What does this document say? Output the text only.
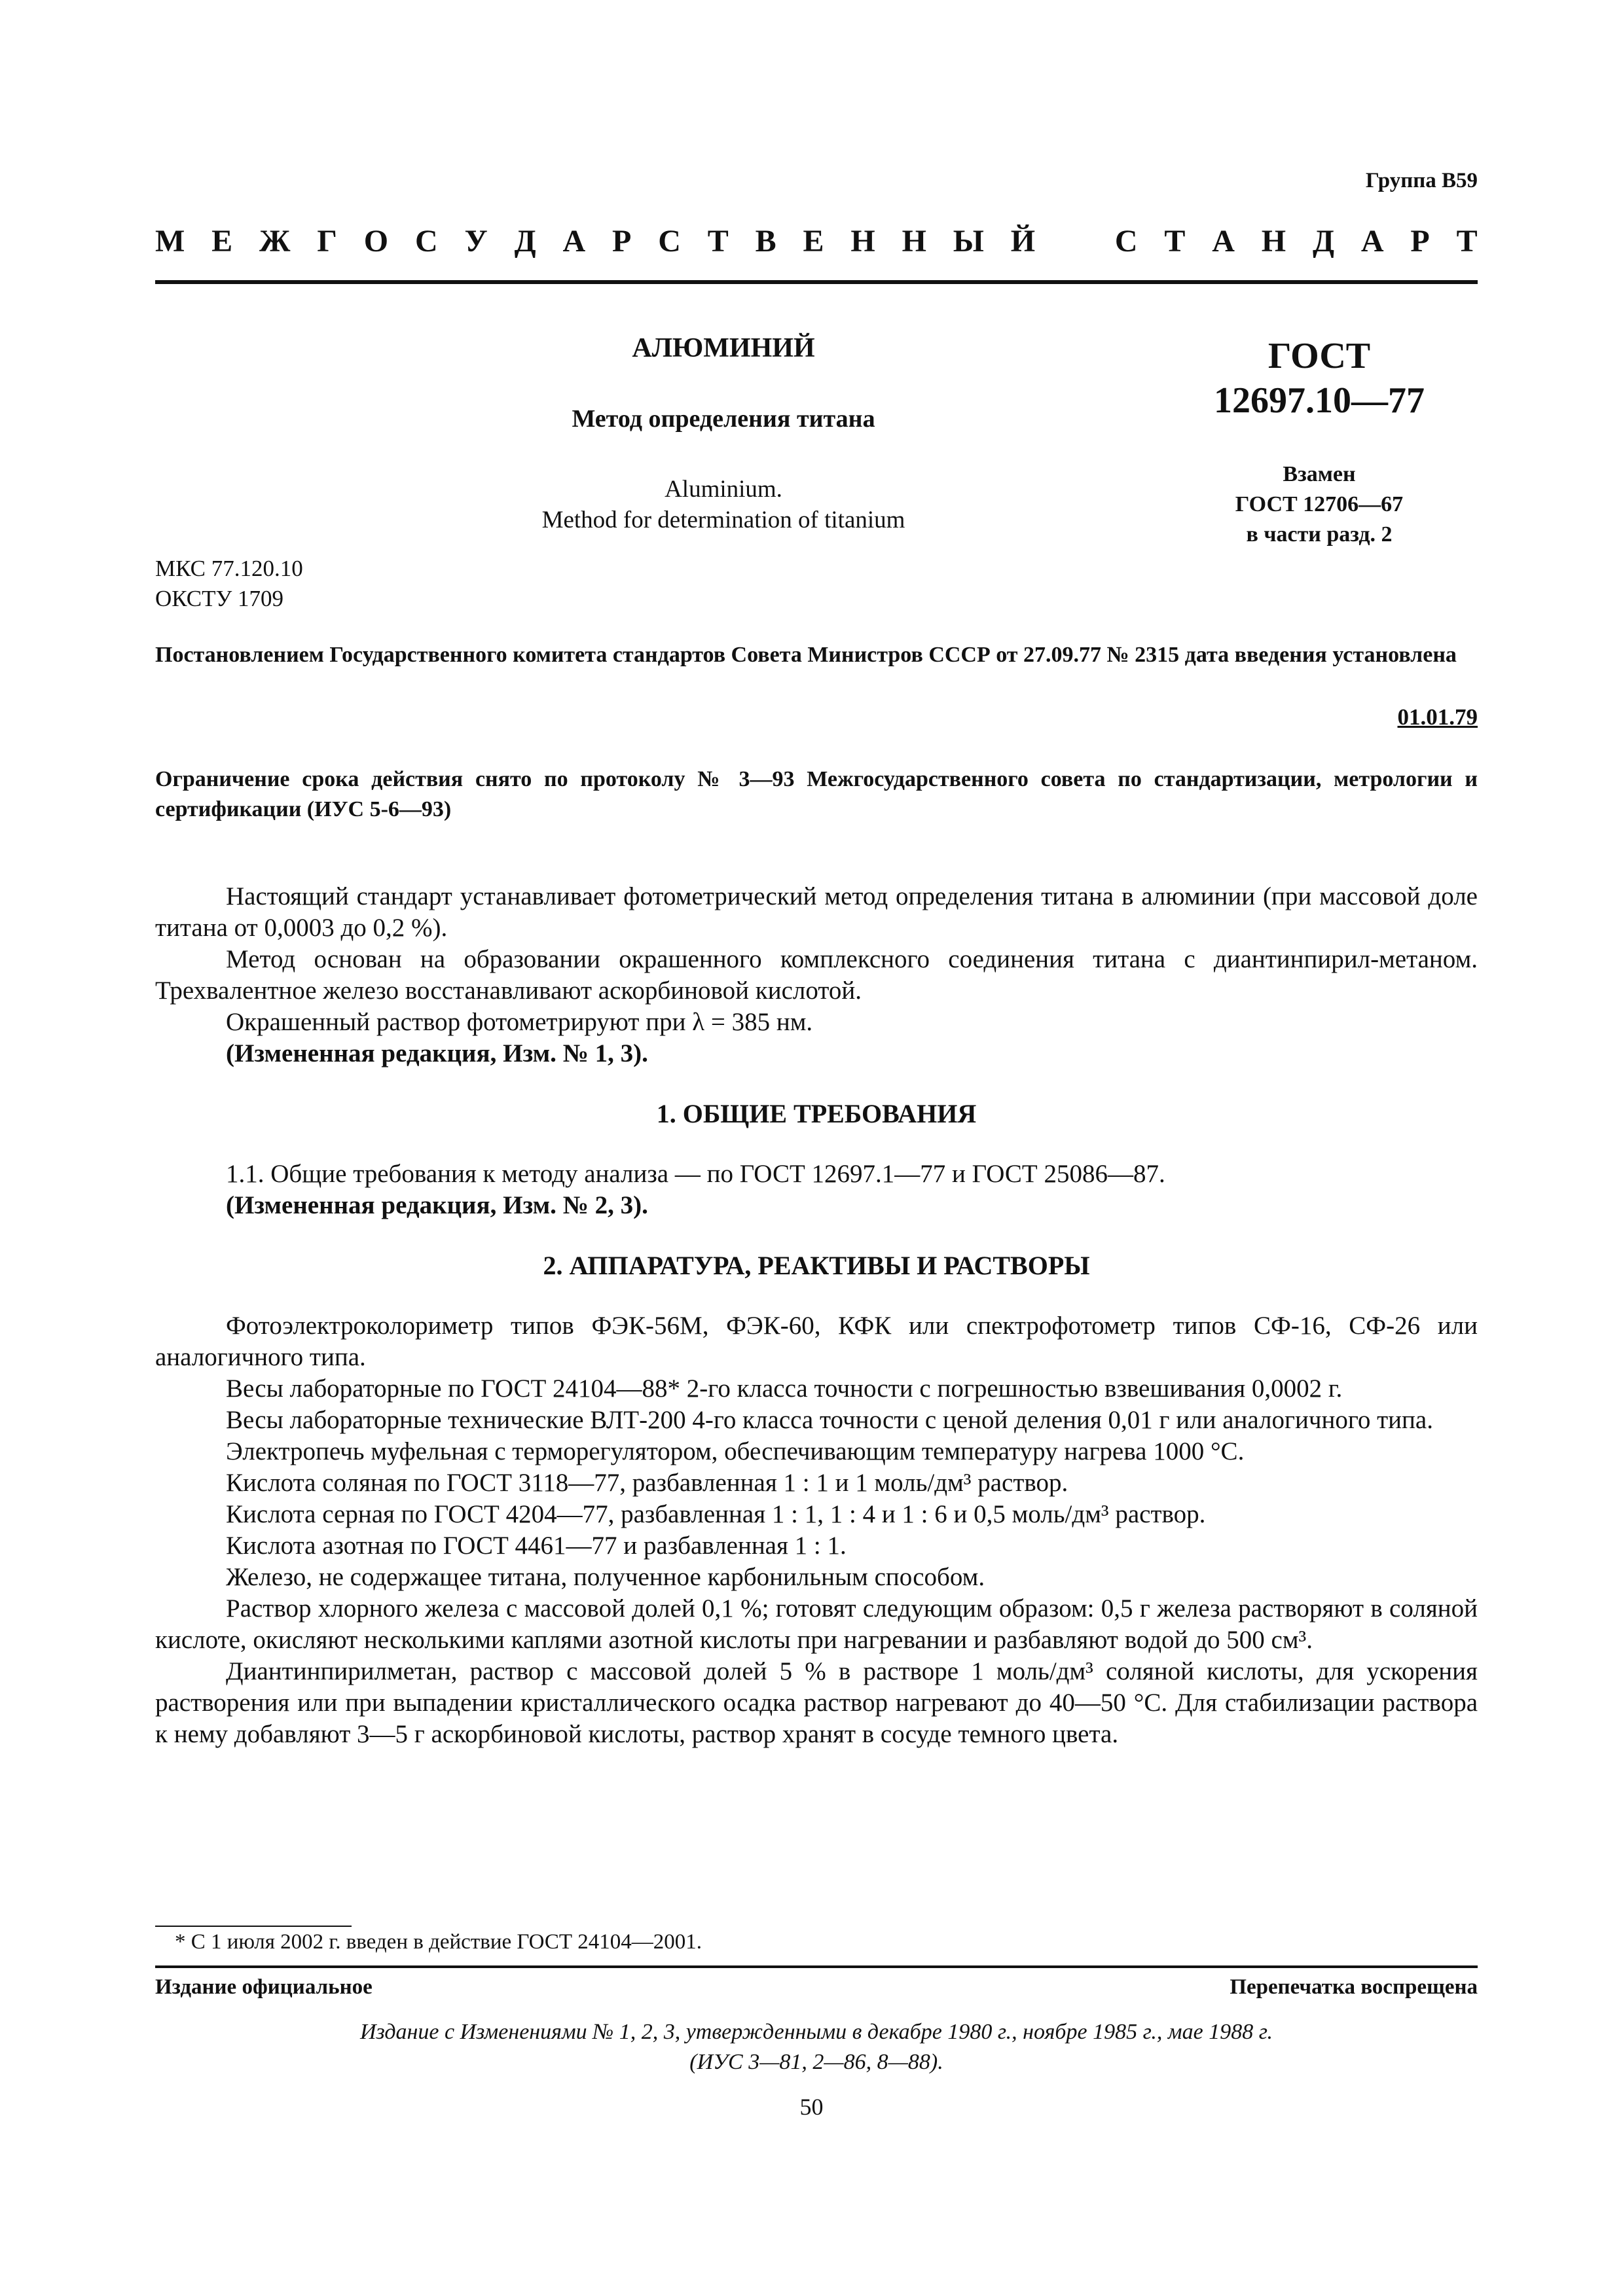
Группа В59
М Е Ж Г О С У Д А Р С Т В Е Н Н Ы Й	С Т А Н Д А Р Т
АЛЮМИНИЙ
Метод определения титана
Aluminium.
Method for determination of titanium
ГОСТ
12697.10—77
Взамен
ГОСТ 12706—67
в части разд. 2
МКС 77.120.10
ОКСТУ 1709
Постановлением Государственного комитета стандартов Совета Министров СССР от 27.09.77 № 2315 дата введения установлена
01.01.79
Ограничение срока действия снято по протоколу № 3—93 Межгосударственного совета по стандартизации, метрологии и сертификации (ИУС 5-6—93)

Настоящий стандарт устанавливает фотометрический метод определения титана в алюминии (при массовой доле титана от 0,0003 до 0,2 %).

Метод основан на образовании окрашенного комплексного соединения титана с диантинпирил-метаном. Трехвалентное железо восстанавливают аскорбиновой кислотой.

Окрашенный раствор фотометрируют при λ = 385 нм.

(Измененная редакция, Изм. № 1, 3).

1. ОБЩИЕ ТРЕБОВАНИЯ

1.1. Общие требования к методу анализа — по ГОСТ 12697.1—77 и ГОСТ 25086—87.

(Измененная редакция, Изм. № 2, 3).

2. АППАРАТУРА, РЕАКТИВЫ И РАСТВОРЫ

Фотоэлектроколориметр типов ФЭК-56М, ФЭК-60, КФК или спектрофотометр типов СФ-16, СФ-26 или аналогичного типа.

Весы лабораторные по ГОСТ 24104—88* 2-го класса точности с погрешностью взвешивания 0,0002 г.

Весы лабораторные технические ВЛТ-200 4-го класса точности с ценой деления 0,01 г или аналогичного типа.

Электропечь муфельная с терморегулятором, обеспечивающим температуру нагрева 1000 °С.

Кислота соляная по ГОСТ 3118—77, разбавленная 1 : 1 и 1 моль/дм³ раствор.

Кислота серная по ГОСТ 4204—77, разбавленная 1 : 1, 1 : 4 и 1 : 6 и 0,5 моль/дм³ раствор.

Кислота азотная по ГОСТ 4461—77 и разбавленная 1 : 1.

Железо, не содержащее титана, полученное карбонильным способом.

Раствор хлорного железа с массовой долей 0,1 %; готовят следующим образом: 0,5 г железа растворяют в соляной кислоте, окисляют несколькими каплями азотной кислоты при нагревании и разбавляют водой до 500 см³.

Диантинпирилметан, раствор с массовой долей 5 % в растворе 1 моль/дм³ соляной кислоты, для ускорения растворения или при выпадении кристаллического осадка раствор нагревают до 40—50 °С. Для стабилизации раствора к нему добавляют 3—5 г аскорбиновой кислоты, раствор хранят в сосуде темного цвета.

* С 1 июля 2002 г. введен в действие ГОСТ 24104—2001.
Издание официальное	Перепечатка воспрещена
Издание с Изменениями № 1, 2, 3, утвержденными в декабре 1980 г., ноябре 1985 г., мае 1988 г.
(ИУС 3—81, 2—86, 8—88).
50
